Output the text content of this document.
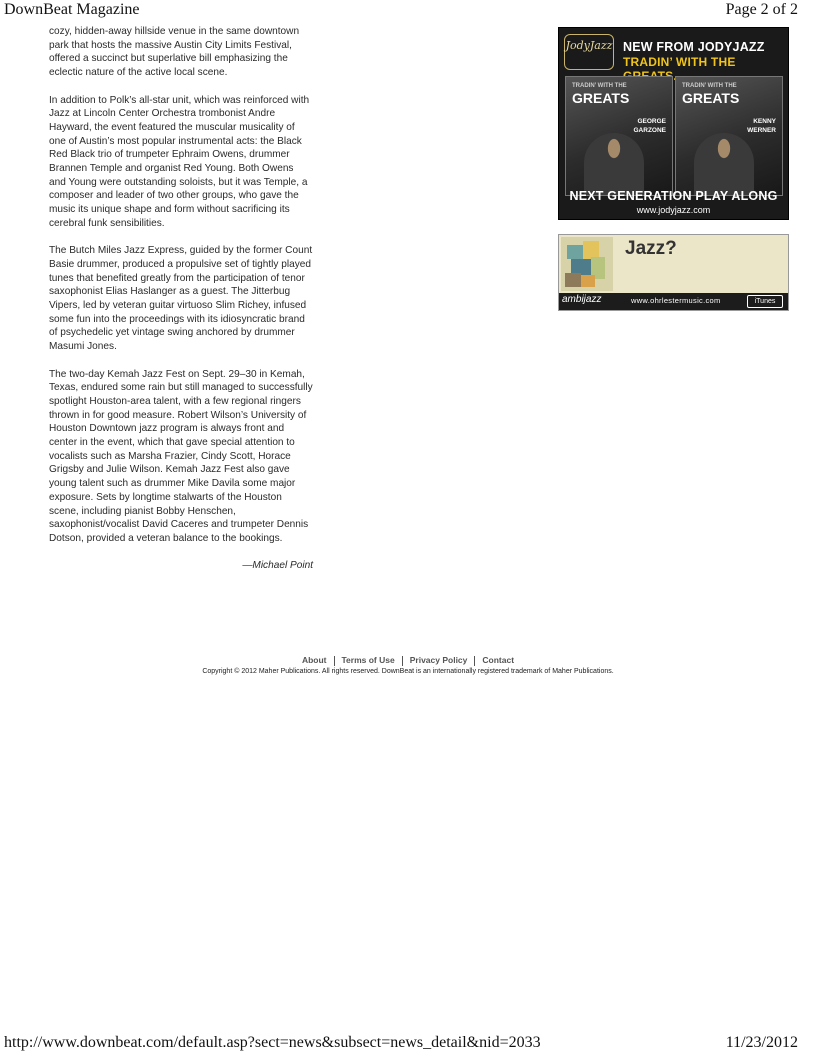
DownBeat Magazine	Page 2 of 2

cozy, hidden-away hillside venue in the same downtown park that hosts the massive Austin City Limits Festival, offered a succinct but superlative bill emphasizing the eclectic nature of the active local scene.

In addition to Polk’s all-star unit, which was reinforced with Jazz at Lincoln Center Orchestra trombonist Andre Hayward, the event featured the muscular musicality of one of Austin’s most popular instrumental acts: the Black Red Black trio of trumpeter Ephraim Owens, drummer Brannen Temple and organist Red Young. Both Owens and Young were outstanding soloists, but it was Temple, a composer and leader of two other groups, who gave the music its unique shape and form without sacrificing its cerebral funk sensibilities.

The Butch Miles Jazz Express, guided by the former Count Basie drummer, produced a propulsive set of tightly played tunes that benefited greatly from the participation of tenor saxophonist Elias Haslanger as a guest. The Jitterbug Vipers, led by veteran guitar virtuoso Slim Richey, infused some fun into the proceedings with its idiosyncratic brand of psychedelic yet vintage swing anchored by drummer Masumi Jones.

The two-day Kemah Jazz Fest on Sept. 29–30 in Kemah, Texas, endured some rain but still managed to successfully spotlight Houston-area talent, with a few regional ringers thrown in for good measure. Robert Wilson’s University of Houston Downtown jazz program is always front and center in the event, which that gave special attention to vocalists such as Marsha Frazier, Cindy Scott, Horace Grigsby and Julie Wilson. Kemah Jazz Fest also gave young talent such as drummer Mike Davila some major exposure. Sets by longtime stalwarts of the Houston scene, including pianist Bobby Henschen, saxophonist/vocalist David Caceres and trumpeter Dennis Dotson, provided a veteran balance to the bookings.

—Michael Point
JodyJazz NEW FROM JODYJAZZ
TRADIN’ WITH THE
TRADIN’ WITH THE
GREATS
GEORGE
GARZONE
TRADIN’ WITH THE
GREATS
KENNY
WERNER
NEXT GENERATION PLAY ALONG
www.jodyjazz.com
Jazz?
ambijazz	www.ohrlestermusic.com	iTunes
About Terms of Use Privacy Policy Contact
Copyright © 2012 Maher Publications. All rights reserved. DownBeat is an internationally registered trademark of Maher Publications.
http://www.downbeat.com/default.asp?sect=news&subsect=news_detail&nid=2033	11/23/2012
